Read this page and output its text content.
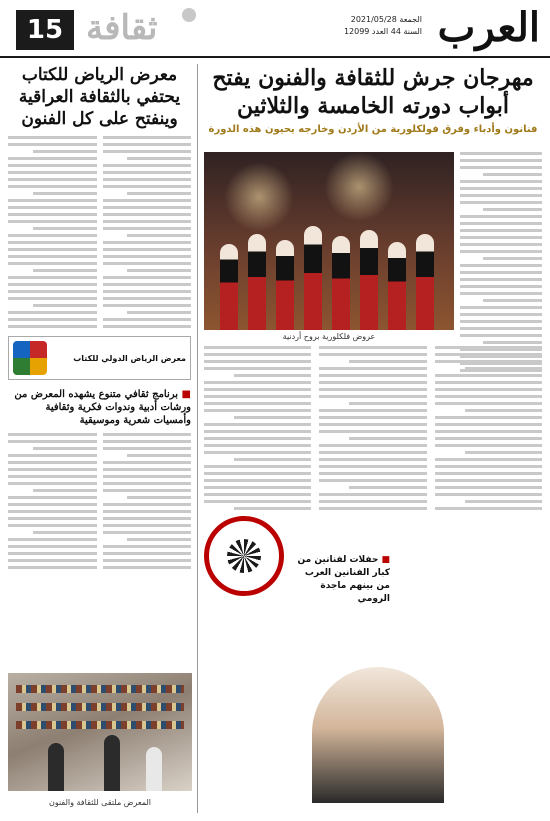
العرب
الجمعة 2021/05/28
السنة 44 العدد 12099
ثقافة
15
معرض الرياض للكتاب يحتفي بالثقافة العراقية وينفتح على كل الفنون
معرض الرياض الدولي للكتاب
■ برنامج ثقافي متنوع يشهده المعرض من ورشات أدبية وندوات فكرية وثقافية وأمسيات شعرية وموسيقية
المعرض ملتقى للثقافة والفنون
مهرجان جرش للثقافة والفنون يفتح أبواب دورته الخامسة والثلاثين
فنانون وأدباء وفرق فولكلورية من الأردن وخارجه يحيون هذه الدورة
عروض فلكلورية بروح أردنية
■ حفلات لفنانين من كبار الفنانين العرب من بينهم ماجدة الرومي
